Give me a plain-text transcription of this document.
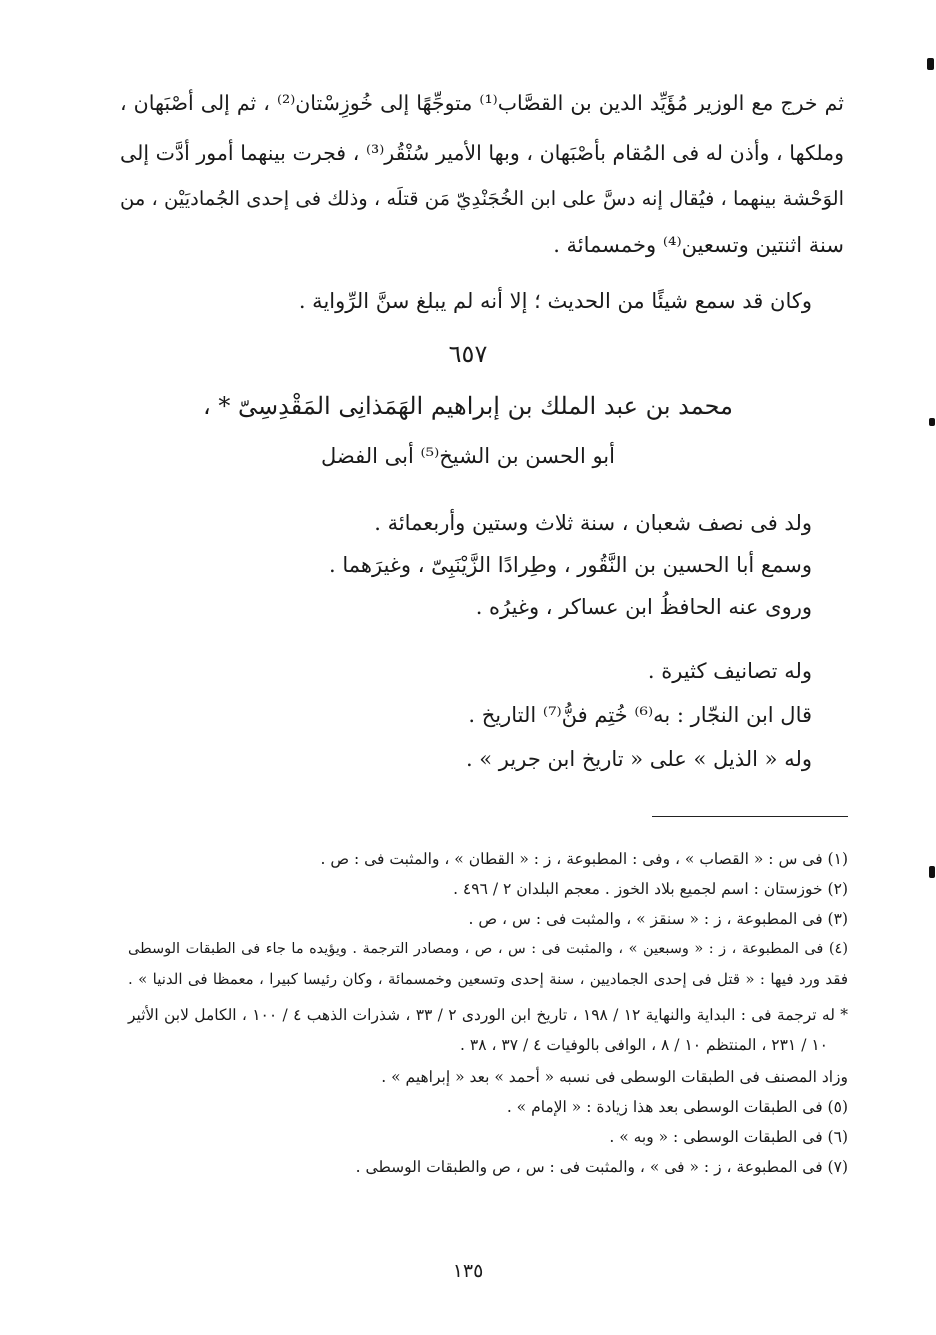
ثم خرج مع الوزير مُؤَيِّد الدين بن القصَّاب⁽¹⁾ متوجِّهًا إلى خُوزِسْتان⁽²⁾ ، ثم إلى أصْبَهان ،

وملكها ، وأذن له فى المُقام بأصْبَهان ، وبها الأمير سُنْقُر⁽³⁾ ، فجرت بينهما أمور أدَّت إلى

الوَحْشة بينهما ، فيُقال إنه دسَّ على ابن الخُجَنْدِيّ مَن قتلَه ، وذلك فى إحدى الجُماديَيْن ، من

سنة اثنتين وتسعين⁽⁴⁾ وخمسمائة .

وكان قد سمع شيئًا من الحديث ؛ إلا أنه لم يبلغ سنَّ الرِّواية .

٦٥٧

محمد بن عبد الملك بن إبراهيم الهَمَذانِى المَقْدِسِىّ * ،

أبو الحسن بن الشيخ⁽⁵⁾ أبى الفضل

ولد فى نصف شعبان ، سنة ثلاث وستين وأربعمائة .

وسمع أبا الحسين بن النَّقُور ، وطِرادًا الزَّيْنَبِىّ ، وغيرَهما .

وروى عنه الحافظُ ابن عساكر ، وغيرُه .

وله تصانيف كثيرة .

قال ابن النجّار : به⁽⁶⁾ خُتِم فنُّ⁽⁷⁾ التاريخ .

وله « الذيل » على « تاريخ ابن جرير » .

(١) فى س : « القصاب » ، وفى : المطبوعة ، ز : « القطان » ، والمثبت فى : ص .

(٢) خوزستان : اسم لجميع بلاد الخوز . معجم البلدان ٢ / ٤٩٦ .

(٣) فى المطبوعة ، ز : « سنقز » ، والمثبت فى : س ، ص .

(٤) فى المطبوعة ، ز : « وسبعين » ، والمثبت فى : س ، ص ، ومصادر الترجمة . ويؤيده ما جاء فى الطبقات الوسطى

فقد ورد فيها : « قتل فى إحدى الجماديين ، سنة إحدى وتسعين وخمسمائة ، وكان رئيسا كبيرا ، معمظا فى الدنيا » .

* له ترجمة فى : البداية والنهاية ١٢ / ١٩٨ ، تاريخ ابن الوردى ٢ / ٣٣ ، شذرات الذهب ٤ / ١٠٠ ، الكامل لابن الأثير

١٠ / ٢٣١ ، المنتظم ١٠ / ٨ ، الوافى بالوفيات ٤ / ٣٧ ، ٣٨ .

وزاد المصنف فى الطبقات الوسطى فى نسبه « أحمد » بعد « إبراهيم » .

(٥) فى الطبقات الوسطى بعد هذا زيادة : « الإمام » .

(٦) فى الطبقات الوسطى : « وبه » .

(٧) فى المطبوعة ، ز : « فى » ، والمثبت فى : س ، ص والطبقات الوسطى .

١٣٥
